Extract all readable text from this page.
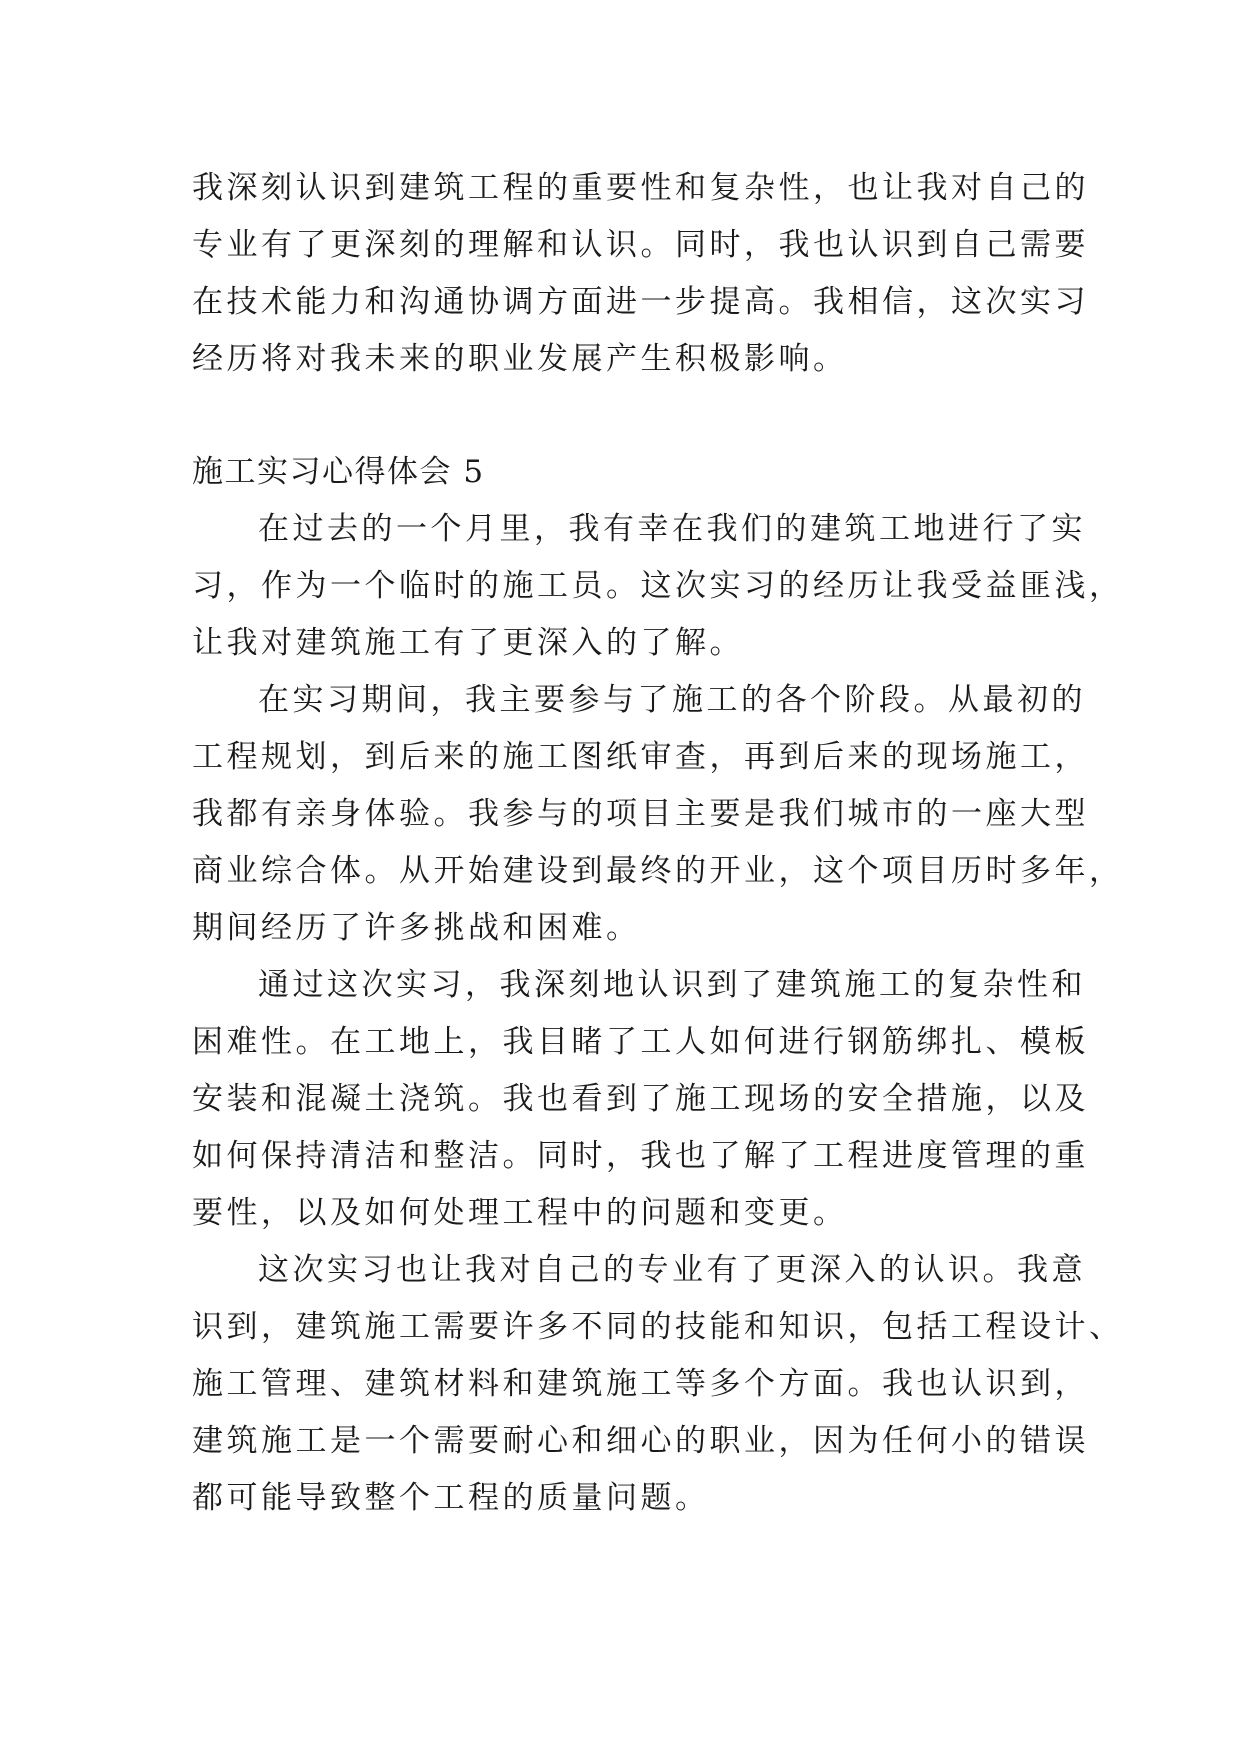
我深刻认识到建筑工程的重要性和复杂性，也让我对自己的
专业有了更深刻的理解和认识。同时，我也认识到自己需要
在技术能力和沟通协调方面进一步提高。我相信，这次实习
经历将对我未来的职业发展产生积极影响。
施工实习心得体会 5
在过去的一个月里，我有幸在我们的建筑工地进行了实
习，作为一个临时的施工员。这次实习的经历让我受益匪浅，
让我对建筑施工有了更深入的了解。
在实习期间，我主要参与了施工的各个阶段。从最初的
工程规划，到后来的施工图纸审查，再到后来的现场施工，
我都有亲身体验。我参与的项目主要是我们城市的一座大型
商业综合体。从开始建设到最终的开业，这个项目历时多年，
期间经历了许多挑战和困难。
通过这次实习，我深刻地认识到了建筑施工的复杂性和
困难性。在工地上，我目睹了工人如何进行钢筋绑扎、模板
安装和混凝土浇筑。我也看到了施工现场的安全措施，以及
如何保持清洁和整洁。同时，我也了解了工程进度管理的重
要性，以及如何处理工程中的问题和变更。
这次实习也让我对自己的专业有了更深入的认识。我意
识到，建筑施工需要许多不同的技能和知识，包括工程设计、
施工管理、建筑材料和建筑施工等多个方面。我也认识到，
建筑施工是一个需要耐心和细心的职业，因为任何小的错误
都可能导致整个工程的质量问题。
